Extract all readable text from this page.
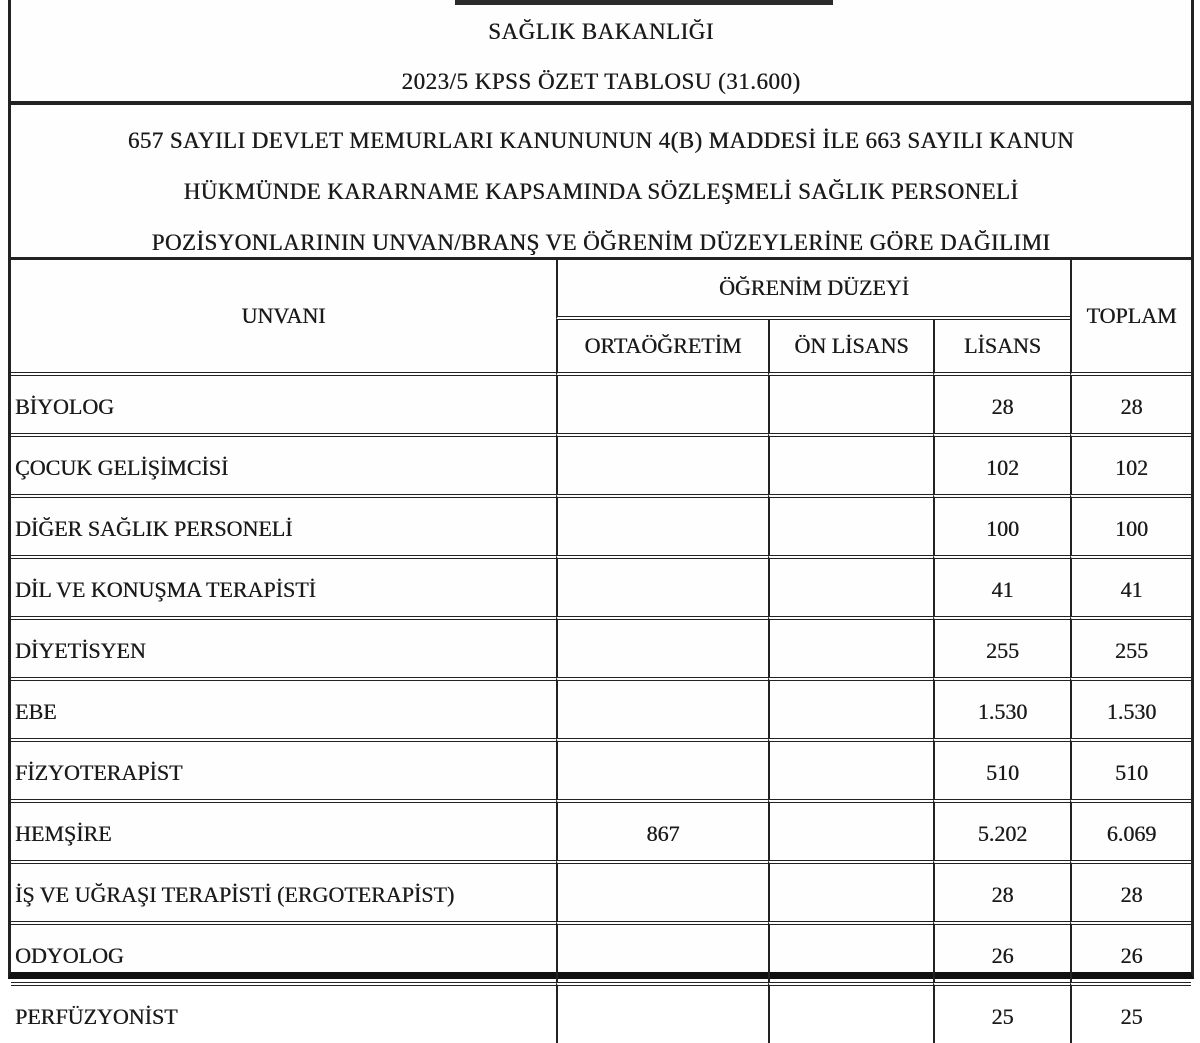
SAĞLIK BAKANLIĞI
2023/5 KPSS ÖZET TABLOSU (31.600)
657 SAYILI DEVLET MEMURLARI KANUNUNUN 4(B) MADDESİ İLE 663 SAYILI KANUN
HÜKMÜNDE KARARNAME KAPSAMINDA SÖZLEŞMELİ SAĞLIK PERSONELİ
POZİSYONLARININ UNVAN/BRANŞ VE ÖĞRENİM DÜZEYLERİNE GÖRE DAĞILIMI
UNVANI	ÖĞRENİM DÜZEYİ			TOPLAM
	ORTAÖĞRETİM	ÖN LİSANS	LİSANS	
BİYOLOG			28	28
ÇOCUK GELİŞİMCİSİ			102	102
DİĞER SAĞLIK PERSONELİ			100	100
DİL VE KONUŞMA TERAPİSTİ			41	41
DİYETİSYEN			255	255
EBE			1.530	1.530
FİZYOTERAPİST			510	510
HEMŞİRE	867		5.202	6.069
İŞ VE UĞRAŞI TERAPİSTİ (ERGOTERAPİST)			28	28
ODYOLOG			26	26
PERFÜZYONİST			25	25
